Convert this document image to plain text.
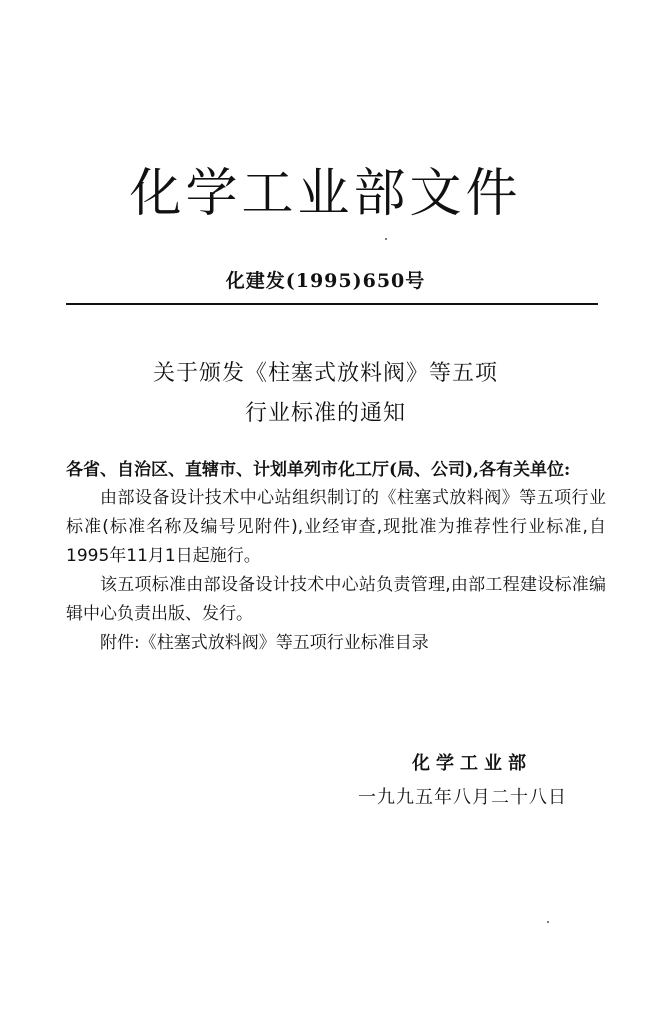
化学工业部文件
化建发(1995)650号
关于颁发《柱塞式放料阀》等五项
行业标准的通知
各省、自治区、直辖市、计划单列市化工厅(局、公司),各有关单位:

由部设备设计技术中心站组织制订的《柱塞式放料阀》等五项行业标准(标准名称及编号见附件),业经审查,现批准为推荐性行业标准,自1995年11月1日起施行。

该五项标准由部设备设计技术中心站负责管理,由部工程建设标准编辑中心负责出版、发行。

附件:《柱塞式放料阀》等五项行业标准目录

化学工业部
一九九五年八月二十八日
